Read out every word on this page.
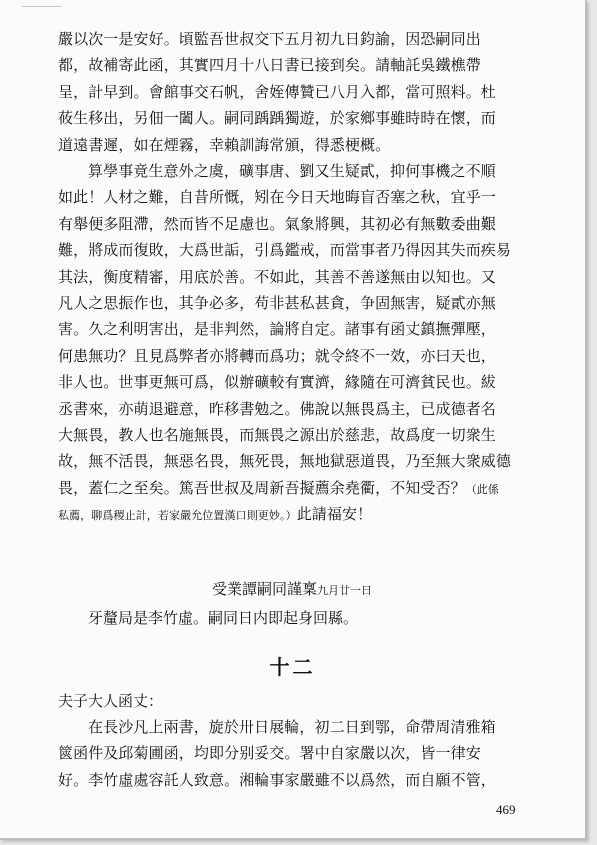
嚴以次一是安好。頃監吾世叔交下五月初九日鈞諭，因恐嗣同出
都，故補寄此函，其實四月十八日書已接到矣。請軸託吳鐵樵帶
呈，計早到。會館事交石帆，舍姪傳贊已八月入都，當可照料。杜
莜生移出，另佃一闔人。嗣同踽踽獨遊，於家鄉事雖時時在懷，而
道遠書遲，如在煙霧，幸賴訓誨常頒，得悉梗概。
算學事竟生意外之虞，礦事唐、劉又生疑貳，抑何事機之不順
如此！人材之難，自昔所慨，矧在今日天地晦盲否塞之秋，宜乎一
有舉便多阻滯，然而皆不足慮也。氣象將興，其初必有無數委曲艱
難，將成而復敗，大爲世詬，引爲鑑戒，而當事者乃得因其失而疾易
其法，衡度精審，用底於善。不如此，其善不善遂無由以知也。又
凡人之思振作也，其争必多，苟非甚私甚貪，争固無害，疑貳亦無
害。久之利明害出，是非判然，論將自定。諸事有函丈鎮撫彈壓，
何患無功？且見爲弊者亦將轉而爲功；就令終不一效，亦曰天也，
非人也。世事更無可爲，似辦礦較有實濟，緣隨在可濟貧民也。紱
丞書來，亦萌退避意，昨移書勉之。佛說以無畏爲主，已成德者名
大無畏，教人也名施無畏，而無畏之源出於慈悲，故爲度一切衆生
故，無不活畏，無惡名畏，無死畏，無地獄惡道畏，乃至無大衆威德
畏，蓋仁之至矣。篤吾世叔及周新吾擬薦余堯衢，不知受否？（此係
私薦，聊爲稷止計，若家嚴允位置漢口則更妙。）此請福安！
受業譚嗣同謹稟九月廿一日
牙釐局是李竹虛。嗣同日内即起身回縣。
十二
夫子大人函丈：
在長沙凡上兩書，旋於卅日展輪，初二日到鄂，命帶周清雅箱
篋函件及邱菊圃函，均即分别妥交。署中自家嚴以次，皆一律安
好。李竹虛處容託人致意。湘輪事家嚴雖不以爲然，而自願不管，
469
